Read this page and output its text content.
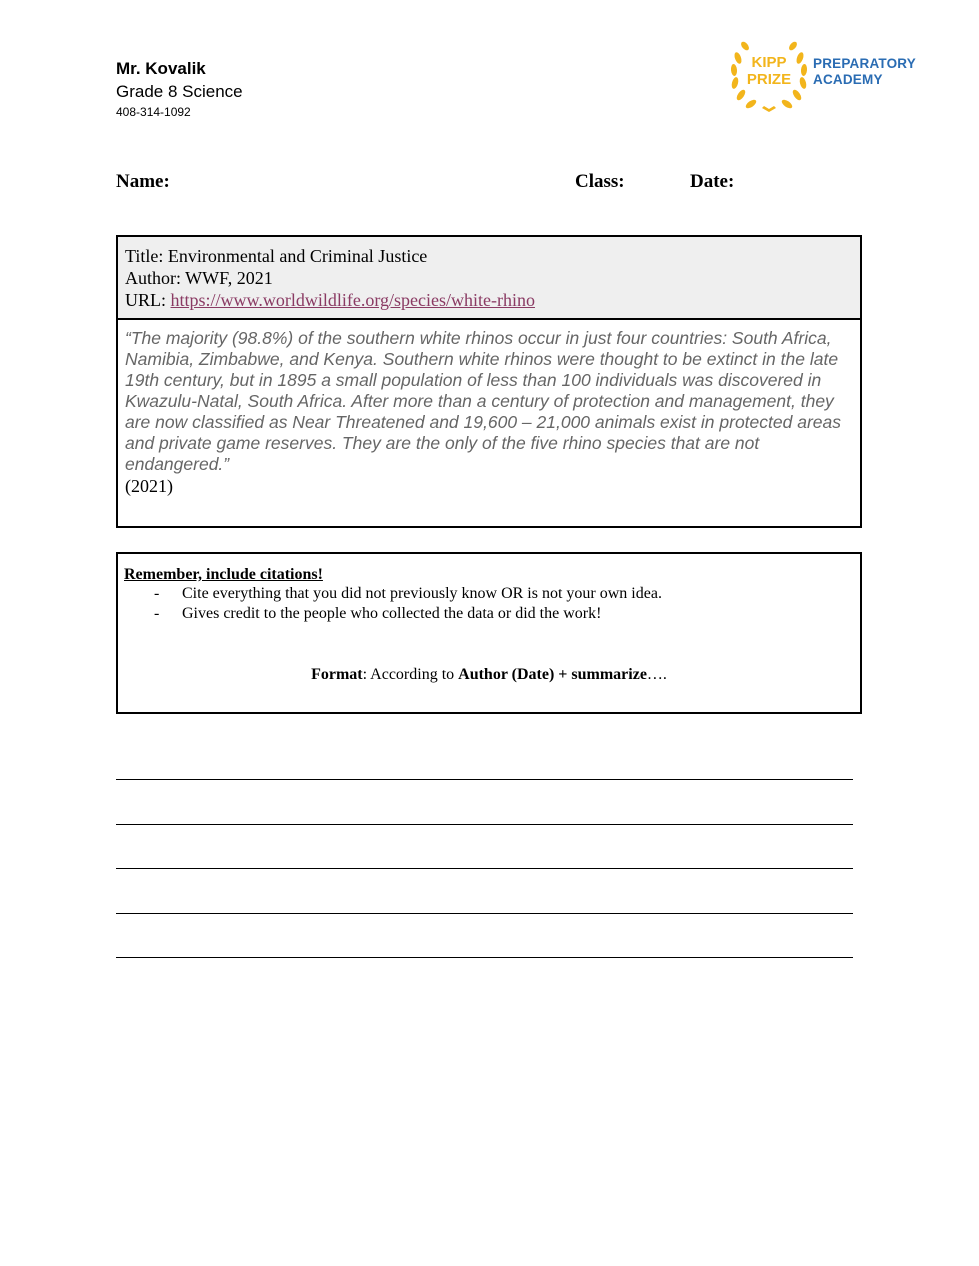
Mr. Kovalik
Grade 8 Science
408-314-1092
KIPP
PRIZE
PREPARATORY
ACADEMY
Name:	Class:	Date:
Title: Environmental and Criminal Justice
Author: WWF, 2021
URL: https://www.worldwildlife.org/species/white-rhino

“The majority (98.8%) of the southern white rhinos occur in just four countries: South Africa, Namibia, Zimbabwe, and Kenya. Southern white rhinos were thought to be extinct in the late 19th century, but in 1895 a small population of less than 100 individuals was discovered in Kwazulu-Natal, South Africa. After more than a century of protection and management, they are now classified as Near Threatened and 19,600 – 21,000 animals exist in protected areas and private game reserves. They are the only of the five rhino species that are not endangered.”

(2021)
Remember, include citations!
- Cite everything that you did not previously know OR is not your own idea.
- Gives credit to the people who collected the data or did the work!
Format: According to Author (Date) + summarize….
